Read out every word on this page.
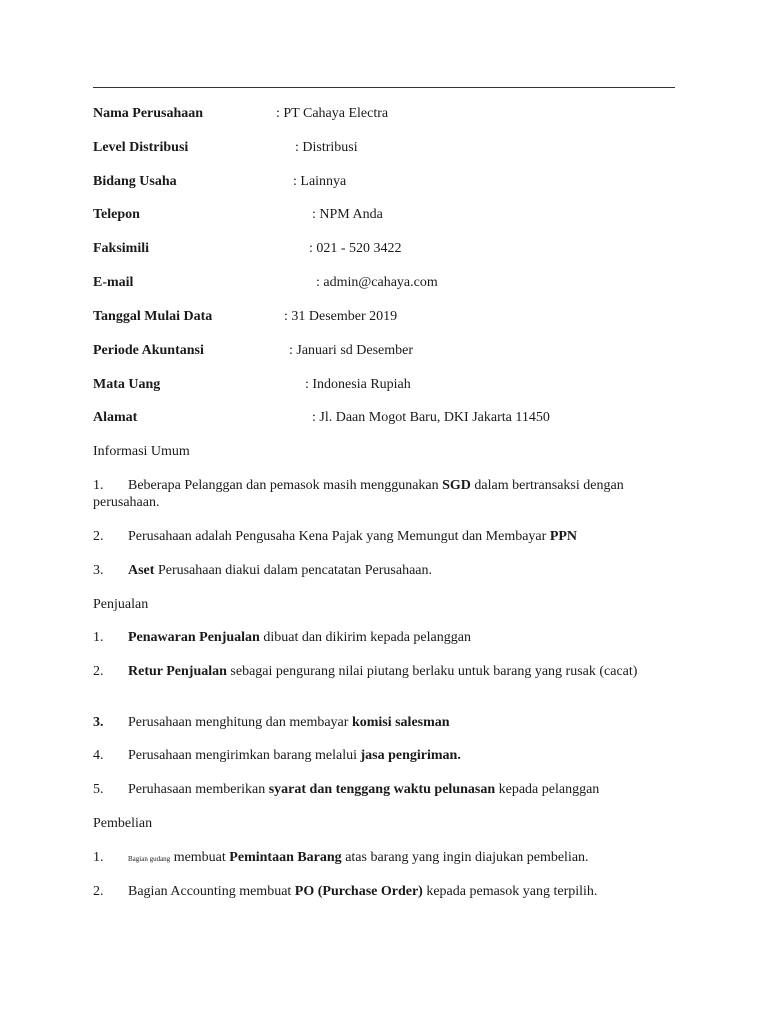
Nama Perusahaan	: PT Cahaya Electra
Level Distribusi	: Distribusi
Bidang Usaha	: Lainnya
Telepon	: NPM Anda
Faksimili	: 021 - 520 3422
E-mail	: admin@cahaya.com
Tanggal Mulai Data	: 31 Desember 2019
Periode Akuntansi	: Januari sd Desember
Mata Uang	: Indonesia Rupiah
Alamat	: Jl. Daan Mogot Baru, DKI Jakarta 11450
Informasi Umum
1. Beberapa Pelanggan dan pemasok masih menggunakan SGD dalam bertransaksi dengan perusahaan.
2. Perusahaan adalah Pengusaha Kena Pajak yang Memungut dan Membayar PPN
3. Aset Perusahaan diakui dalam pencatatan Perusahaan.
Penjualan
1. Penawaran Penjualan dibuat dan dikirim kepada pelanggan
2. Retur Penjualan sebagai pengurang nilai piutang berlaku untuk barang yang rusak (cacat)
3. Perusahaan menghitung dan membayar komisi salesman
4. Perusahaan mengirimkan barang melalui jasa pengiriman.
5. Peruhasaan memberikan syarat dan tenggang waktu pelunasan kepada pelanggan
Pembelian
1.	Bagian gudang membuat Pemintaan Barang atas barang yang ingin diajukan pembelian.
2. Bagian Accounting membuat PO (Purchase Order) kepada pemasok yang terpilih.
